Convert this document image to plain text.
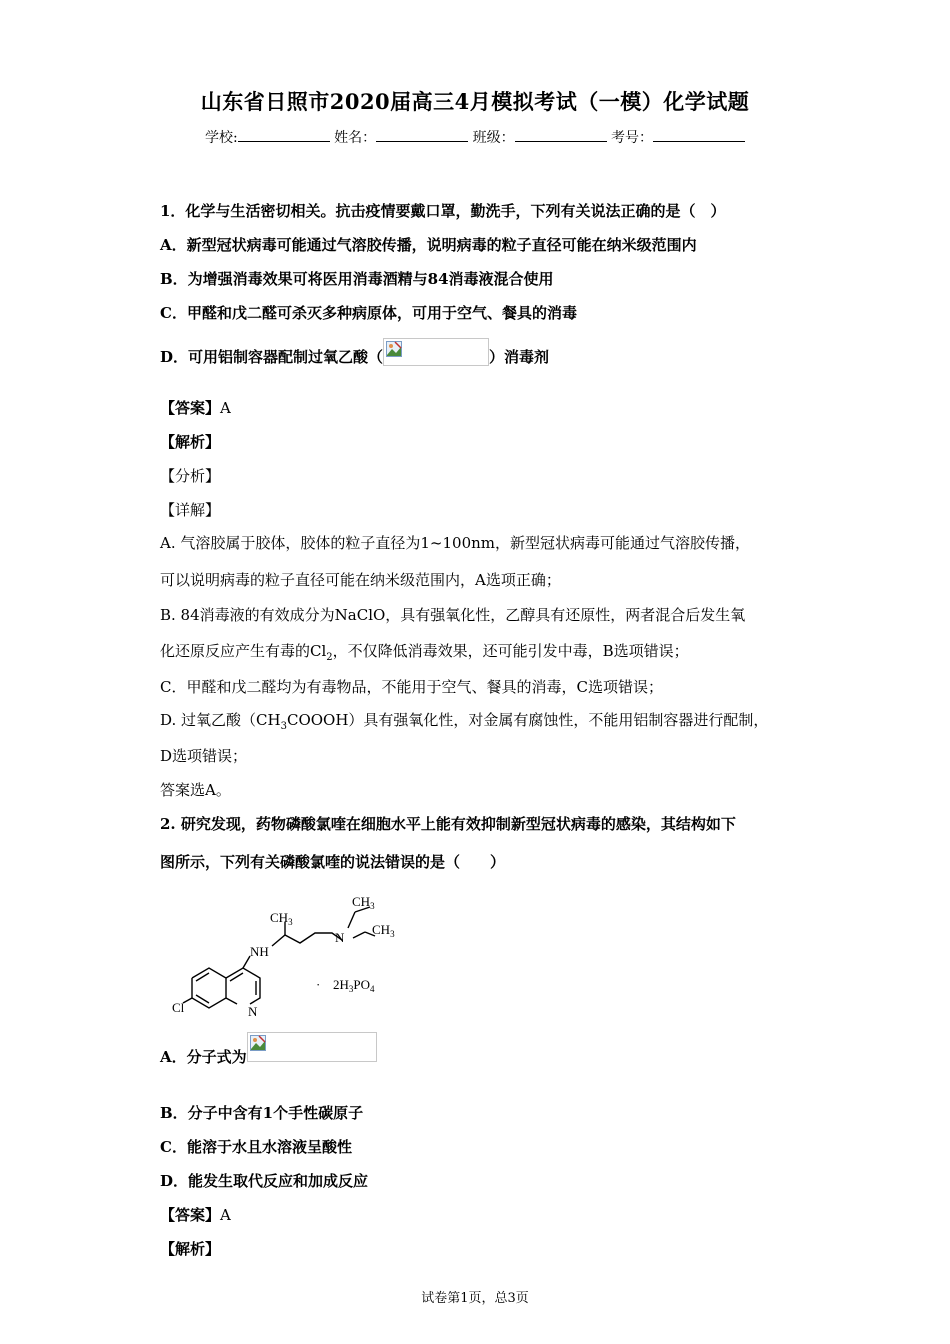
山东省日照市2020届高三4月模拟考试（一模）化学试题
学校:	姓名：	班级：	考号：
1．化学与生活密切相关。抗击疫情要戴口罩，勤洗手，下列有关说法正确的是（　）
A．新型冠状病毒可能通过气溶胶传播，说明病毒的粒子直径可能在纳米级范围内
B．为增强消毒效果可将医用消毒酒精与84消毒液混合使用
C．甲醛和戊二醛可杀灭多种病原体，可用于空气、餐具的消毒
D．可用铝制容器配制过氧乙酸（	）消毒剂
【答案】A
【解析】
【分析】
【详解】
A. 气溶胶属于胶体，胶体的粒子直径为1~100nm，新型冠状病毒可能通过气溶胶传播，
可以说明病毒的粒子直径可能在纳米级范围内，A选项正确；
B. 84消毒液的有效成分为NaClO，具有强氧化性，乙醇具有还原性，两者混合后发生氧
化还原反应产生有毒的$Cl_2$，不仅降低消毒效果，还可能引发中毒，B选项错误；
C．甲醛和戊二醛均为有毒物品，不能用于空气、餐具的消毒，C选项错误；
D. 过氧乙酸$(CH_3COOOH)$具有强氧化性，对金属有腐蚀性，不能用铝制容器进行配制，
D选项错误；
答案选A。
2. 研究发现，药物磷酸氯喹在细胞水平上能有效抑制新型冠状病毒的感染，其结构如下
图所示，下列有关磷酸氯喹的说法错误的是（　　）
Cl	N
NH
N
$CH_3$
$CH_3$
$CH_3$
· $2H_3PO_4$
A．分子式为
B．分子中含有1个手性碳原子
C．能溶于水且水溶液呈酸性
D．能发生取代反应和加成反应
【答案】A
【解析】
试卷第1页，总3页
